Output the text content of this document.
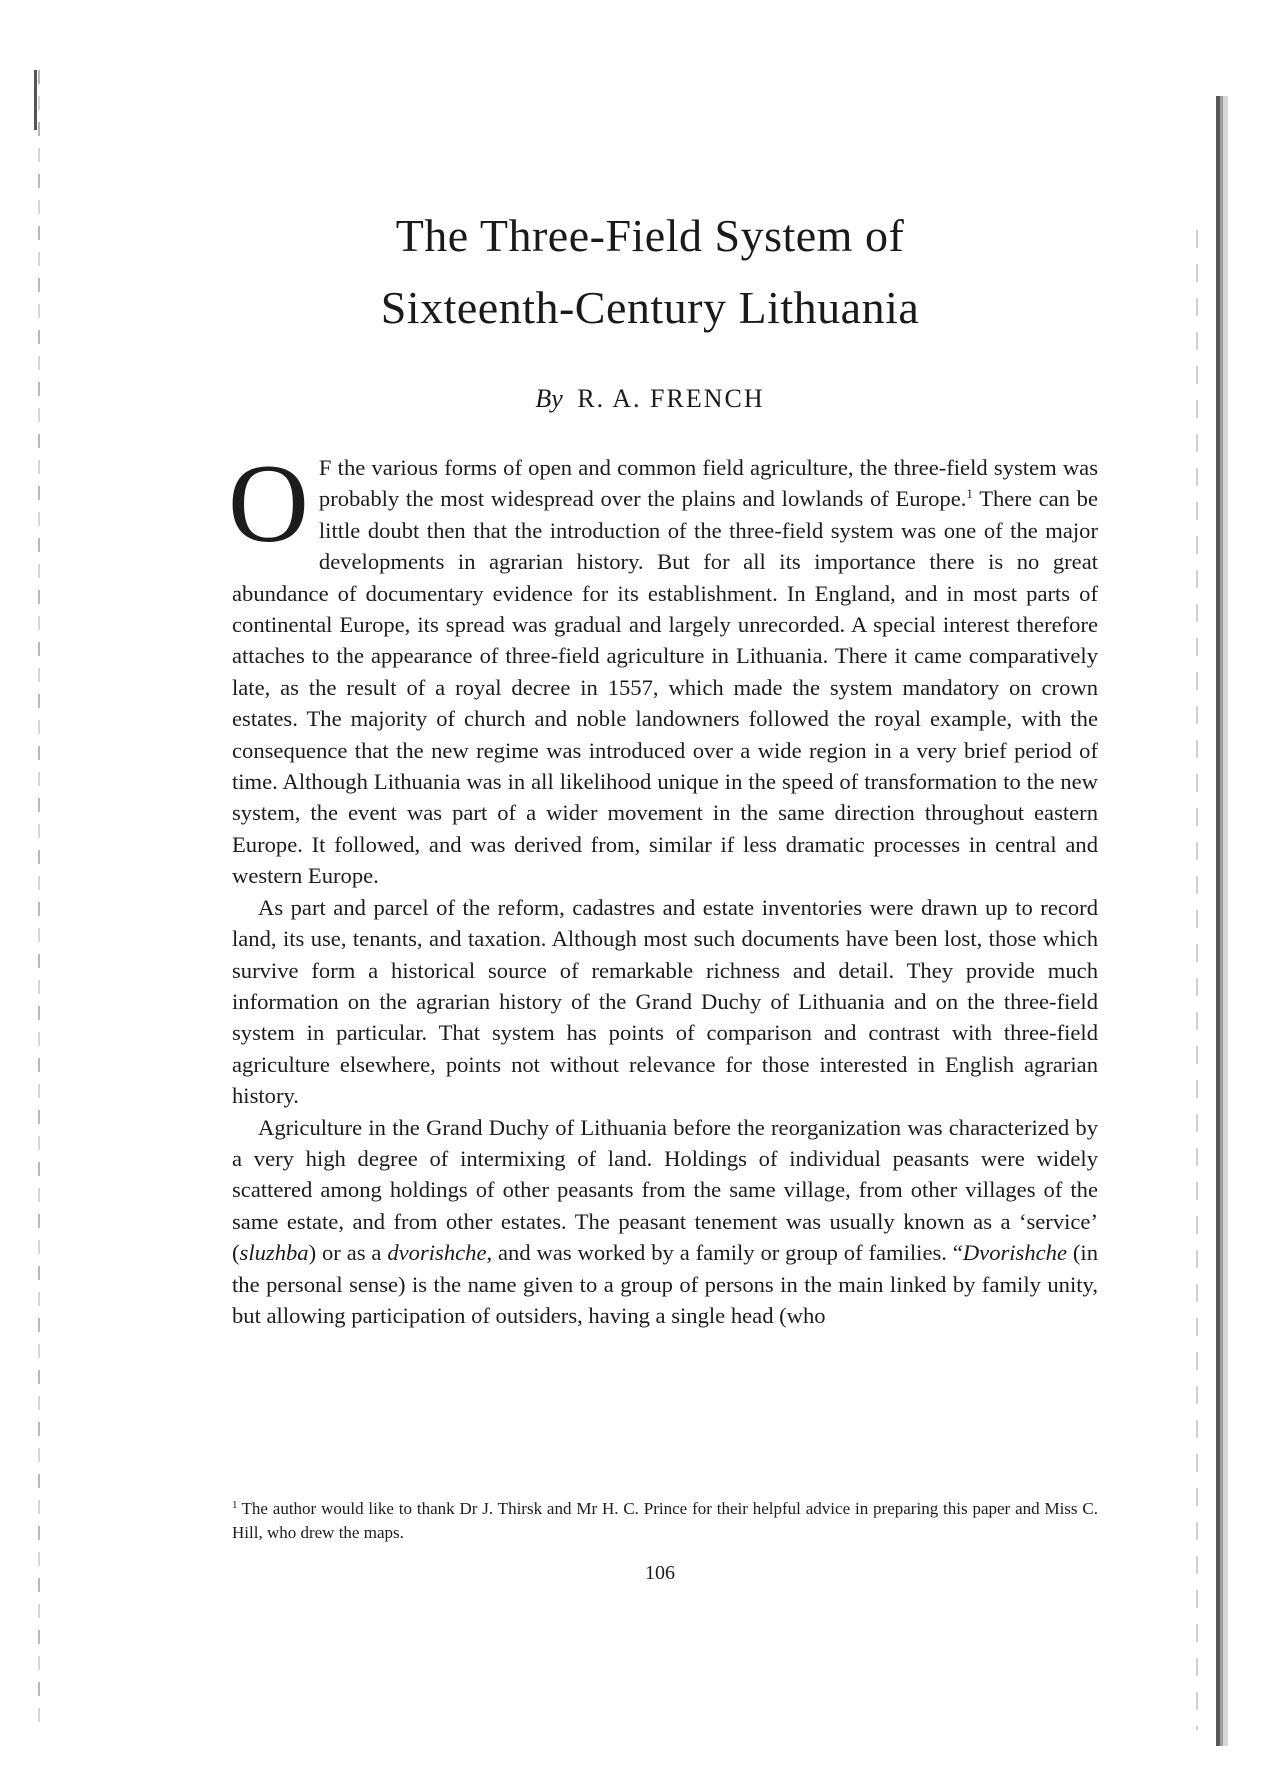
The Three-Field System of
Sixteenth-Century Lithuania

By R. A. FRENCH

O F the various forms of open and common field agriculture, the three-field system was probably the most widespread over the plains and lowlands of Europe.$^1$ There can be little doubt then that the introduction of the three-field system was one of the major developments in agrarian history. But for all its importance there is no great abundance of documentary evidence for its establishment. In England, and in most parts of continental Europe, its spread was gradual and largely unrecorded. A special interest therefore attaches to the appearance of three-field agriculture in Lithuania. There it came comparatively late, as the result of a royal decree in 1557, which made the system mandatory on crown estates. The majority of church and noble landowners followed the royal example, with the consequence that the new regime was introduced over a wide region in a very brief period of time. Although Lithuania was in all likelihood unique in the speed of transformation to the new system, the event was part of a wider movement in the same direction throughout eastern Europe. It followed, and was derived from, similar if less dramatic processes in central and western Europe.

As part and parcel of the reform, cadastres and estate inventories were drawn up to record land, its use, tenants, and taxation. Although most such documents have been lost, those which survive form a historical source of remarkable richness and detail. They provide much information on the agrarian history of the Grand Duchy of Lithuania and on the three-field system in particular. That system has points of comparison and contrast with three-field agriculture elsewhere, points not without relevance for those interested in English agrarian history.

Agriculture in the Grand Duchy of Lithuania before the reorganization was characterized by a very high degree of intermixing of land. Holdings of individual peasants were widely scattered among holdings of other peasants from the same village, from other villages of the same estate, and from other estates. The peasant tenement was usually known as a ‘service’ (sluzhba) or as a dvorishche, and was worked by a family or group of families. “Dvorishche (in the personal sense) is the name given to a group of persons in the main linked by family unity, but allowing participation of outsiders, having a single head (who

$^1$ The author would like to thank Dr J. Thirsk and Mr H. C. Prince for their helpful advice in preparing this paper and Miss C. Hill, who drew the maps.

106
